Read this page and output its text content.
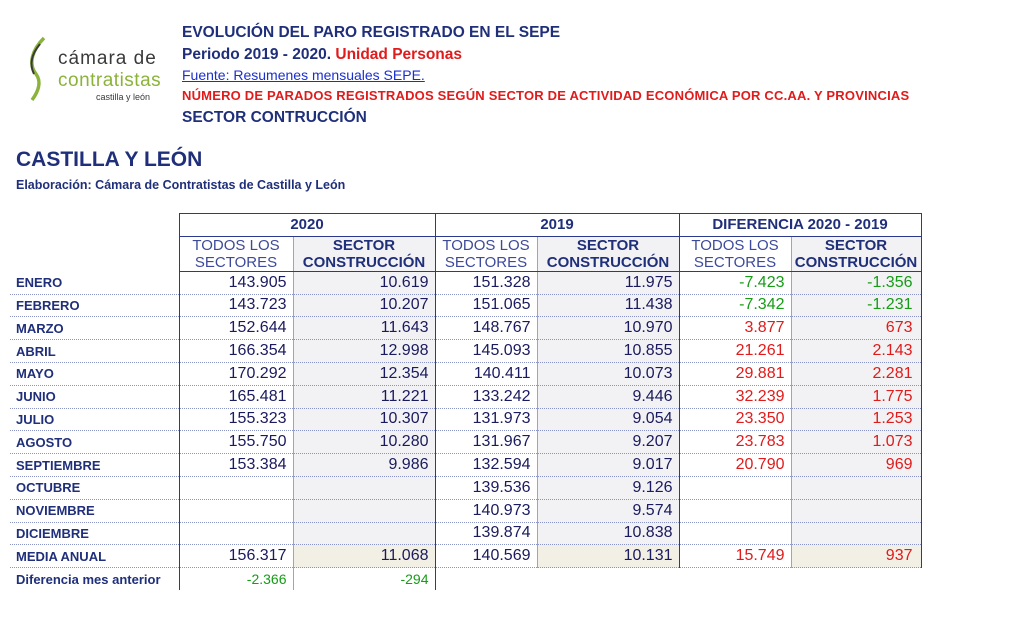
cámara de
contratistas
castilla y león
EVOLUCIÓN DEL PARO REGISTRADO EN EL SEPE
Periodo 2019 - 2020. Unidad Personas
Fuente: Resumenes mensuales SEPE.
NÚMERO DE PARADOS REGISTRADOS SEGÚN SECTOR DE ACTIVIDAD ECONÓMICA POR CC.AA. Y PROVINCIAS
SECTOR CONTRUCCIÓN
CASTILLA Y LEÓN
Elaboración: Cámara de Contratistas de Castilla y León
	2020		2019		DIFERENCIA 2020 - 2019	
	TODOS LOS SECTORES	SECTOR CONSTRUCCIÓN	TODOS LOS SECTORES	SECTOR CONSTRUCCIÓN	TODOS LOS SECTORES	SECTOR CONSTRUCCIÓN
ENERO	143.905	10.619	151.328	11.975	-7.423	-1.356
FEBRERO	143.723	10.207	151.065	11.438	-7.342	-1.231
MARZO	152.644	11.643	148.767	10.970	3.877	673
ABRIL	166.354	12.998	145.093	10.855	21.261	2.143
MAYO	170.292	12.354	140.411	10.073	29.881	2.281
JUNIO	165.481	11.221	133.242	9.446	32.239	1.775
JULIO	155.323	10.307	131.973	9.054	23.350	1.253
AGOSTO	155.750	10.280	131.967	9.207	23.783	1.073
SEPTIEMBRE	153.384	9.986	132.594	9.017	20.790	969
OCTUBRE			139.536	9.126		
NOVIEMBRE			140.973	9.574		
DICIEMBRE			139.874	10.838		
MEDIA ANUAL	156.317	11.068	140.569	10.131	15.749	937
Diferencia mes anterior	-2.366	-294				
